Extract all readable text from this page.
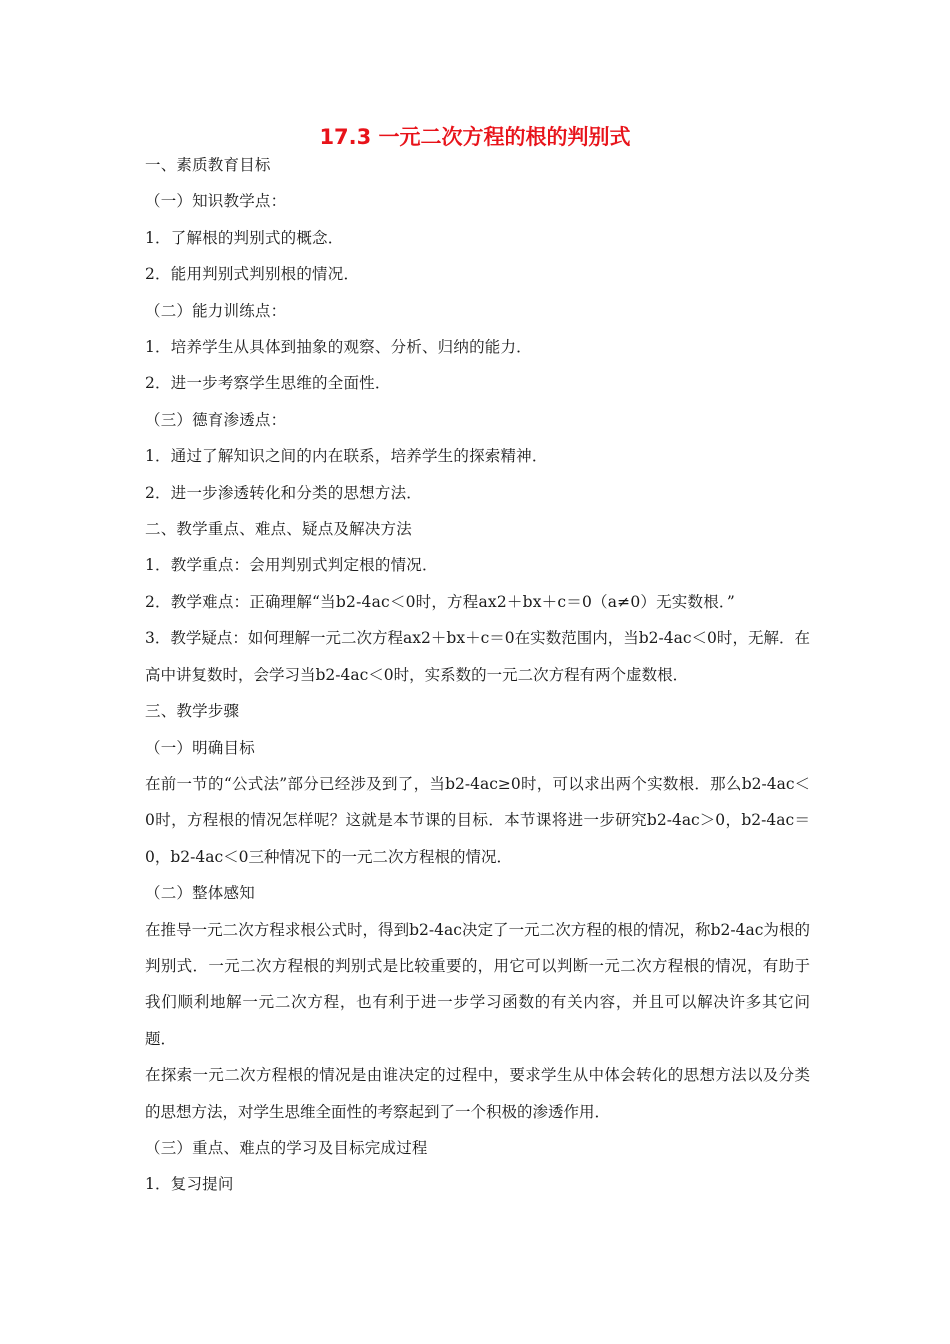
17.3 一元二次方程的根的判别式
一、素质教育目标
（一）知识教学点：
1．了解根的判别式的概念．
2．能用判别式判别根的情况．
（二）能力训练点：
1．培养学生从具体到抽象的观察、分析、归纳的能力．
2．进一步考察学生思维的全面性．
（三）德育渗透点：
1．通过了解知识之间的内在联系，培养学生的探索精神．
2．进一步渗透转化和分类的思想方法．
二、教学重点、难点、疑点及解决方法
1．教学重点：会用判别式判定根的情况．
2．教学难点：正确理解“当b2-4ac＜0时，方程ax2＋bx＋c＝0（a≠0）无实数根．”
3．教学疑点：如何理解一元二次方程ax2＋bx＋c＝0在实数范围内，当b2-4ac＜0时，无解．在高中讲复数时，会学习当b2-4ac＜0时，实系数的一元二次方程有两个虚数根．
三、教学步骤
（一）明确目标
在前一节的“公式法”部分已经涉及到了，当b2-4ac≥0时，可以求出两个实数根．那么b2-4ac＜0时，方程根的情况怎样呢？这就是本节课的目标．本节课将进一步研究b2-4ac＞0，b2-4ac＝0，b2-4ac＜0三种情况下的一元二次方程根的情况．
（二）整体感知
在推导一元二次方程求根公式时，得到b2-4ac决定了一元二次方程的根的情况，称b2-4ac为根的判别式．一元二次方程根的判别式是比较重要的，用它可以判断一元二次方程根的情况，有助于我们顺利地解一元二次方程，也有利于进一步学习函数的有关内容，并且可以解决许多其它问题．
在探索一元二次方程根的情况是由谁决定的过程中，要求学生从中体会转化的思想方法以及分类的思想方法，对学生思维全面性的考察起到了一个积极的渗透作用．
（三）重点、难点的学习及目标完成过程
1．复习提问
